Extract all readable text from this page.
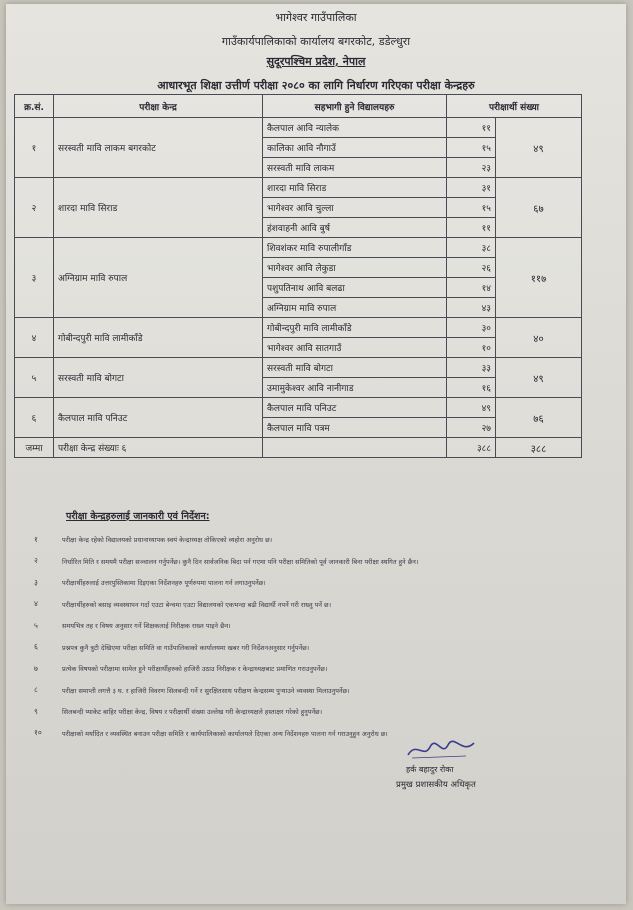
भागेश्वर गाउँपालिका
गाउँकार्यपालिकाको कार्यालय बगरकोट, डडेल्धुरा
सुदूरपश्चिम प्रदेश, नेपाल
आधारभूत शिक्षा उत्तीर्ण परीक्षा २०८० का लागि निर्धारण गरिएका परीक्षा केन्द्रहरु
क्र.सं.	परीक्षा केन्द्र	सहभागी हुने विद्यालयहरु	परीक्षार्थी संख्या	
१	सरस्वती मावि लाकम बगरकोट	कैलपाल आवि न्यालेक	११	४९
		कालिका आवि नौगाउँ	१५	
		सरस्वती मावि लाकम	२३	
२	शारदा मावि सिराड	शारदा मावि सिराड	३१	६७
		भागेश्वर आवि चुल्ला	१५	
		हंशवाहनी आवि बुर्ष	११	
३	अग्निग्राम मावि रुपाल	शिवशंकर मावि रुपालीगाँड	३८	११७
		भागेश्वर आवि लेकुडा	२६	
		पशुपतिनाथ आवि बलढा	१४	
		अग्निग्राम मावि रुपाल	४३	
४	गोबीन्दपुरी मावि लामीकाँडे	गोबीन्दपुरी मावि लामीकाँडे	३०	४०
		भागेश्वर आवि सातगाउँ	१०	
५	सरस्वती मावि बोगटा	सरस्वती मावि बोगटा	३३	४९
		उमामुकेश्वर आवि नानीगाड	१६	
६	कैलपाल मावि पनिउट	कैलपाल मावि पनिउट	४९	७६
		कैलपाल मावि पत्रम	२७	
जम्मा	परीक्षा केन्द्र संख्याः ६		३८८	३८८
परीक्षा केन्द्रहरुलाई जानकारी एवं निर्देशन:
१	परीक्षा केन्द्र रहेको विद्यालयको प्रधानाध्यापक स्वयं केन्द्राध्यक्ष तोकिएको व्यहोरा अनुरोध छ।
२	निर्धारित मिति र समयमै परीक्षा सञ्चालन गर्नुपर्नेछ। कुनै दिन सार्वजनिक बिदा पर्न गएमा पनि परीक्षा समितिको पूर्व जानकारी बिना परीक्षा स्थगित हुने छैन।
३	परीक्षार्थीहरुलाई उत्तरपुस्तिकामा दिइएका निर्देशनहरु पूर्णरुपमा पालना गर्न लगाउनुपर्नेछ।
४	परीक्षार्थीहरुको बसाइ व्यवस्थापन गर्दा एउटा बेन्चमा एउटा विद्यालयको एकभन्दा बढी विद्यार्थी नपर्ने गरी राख्नु पर्ने छ।
५	समयभित्र तह र विषय अनुसार गर्ने शिक्षकलाई निरीक्षक राख्न पाइने छैन।
६	प्रश्नपत्र कुनै त्रुटी देखिएमा परीक्षा समिति वा गाउँपालिकाको कार्यालयमा खबर गरी निर्देशनअनुसार गर्नुपर्नेछ।
७	प्रत्येक विषयको परीक्षामा सामेल हुने परीक्षार्थीहरुको हाजिरी उठाउ निरीक्षक र केन्द्राध्यक्षबाट प्रमाणित गराउनुपर्नेछ।
८	परीक्षा समाप्ती लगत्तै ३ घ. र हाजिरी विवरण सिलबन्दी गर्ने र सुरक्षितसाथ परीक्षण केन्द्रसम्म पुर्‍याउने व्यवस्था मिलाउनुपर्नेछ।
९	सिलबन्दी प्याकेट बाहिर परीक्षा केन्द्र, विषय र परीक्षार्थी संख्या उल्लेख गरी केन्द्राध्यक्षले हस्ताक्षर गरेको हुनुपर्नेछ।
१०	परीक्षाको मर्यादित र व्यवस्थित बनाउन परीक्षा समिति र कार्यपालिकाको कार्यालयले दिएका अन्य निर्देशनहरु पालना गर्न गराउनुहुन अनुरोध छ।
हर्क बहादुर रोका
प्रमुख प्रशासकीय अधिकृत
